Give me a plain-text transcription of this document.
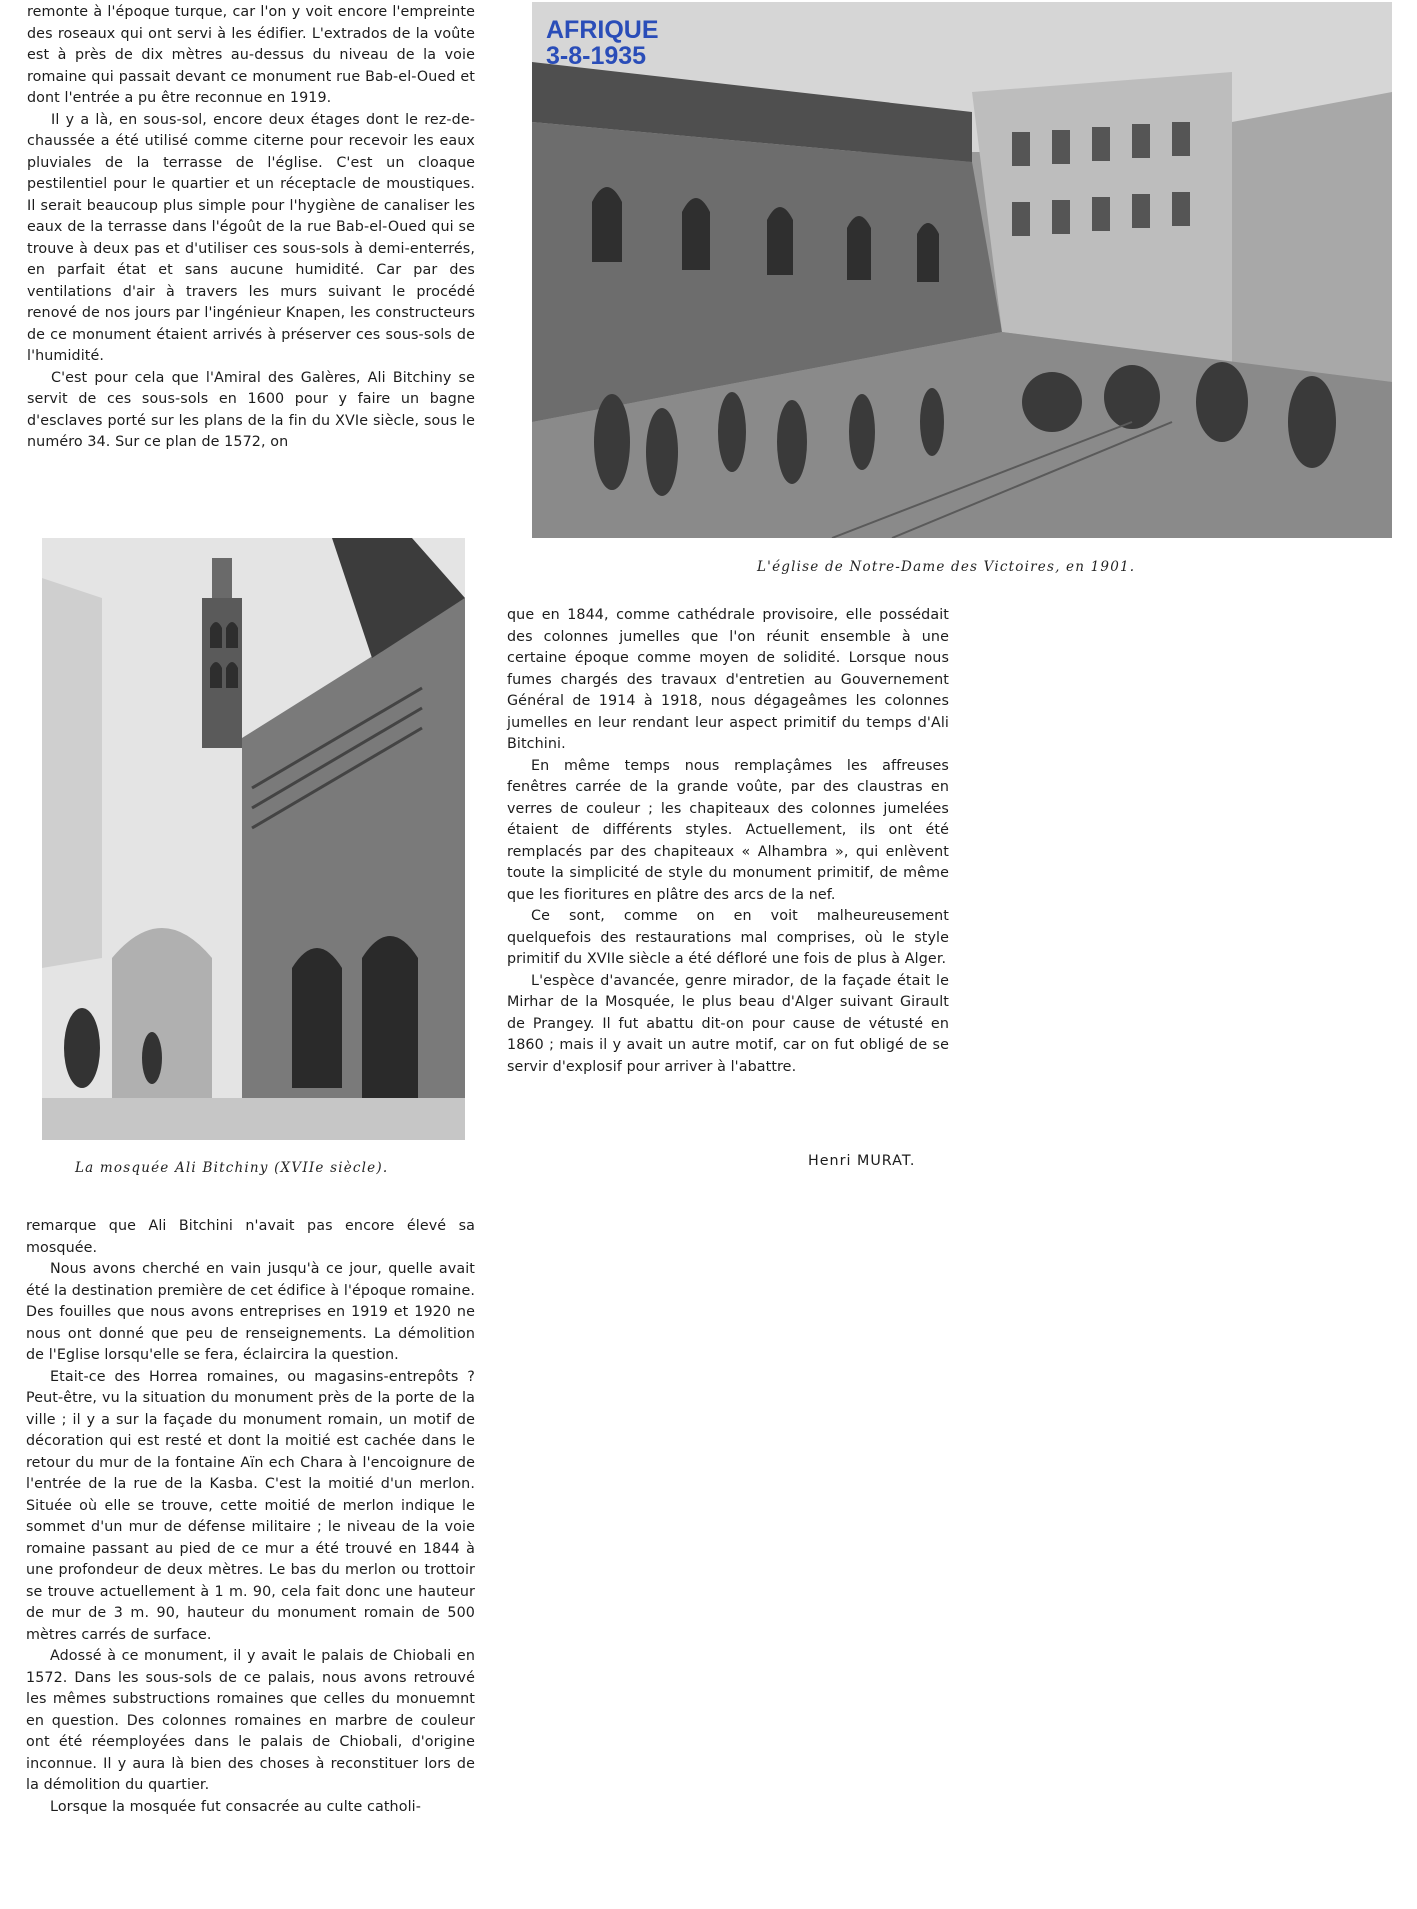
remonte à l'époque turque, car l'on y voit encore l'empreinte des roseaux qui ont servi à les édifier. L'extrados de la voûte est à près de dix mètres au-dessus du niveau de la voie romaine qui passait devant ce monument rue Bab-el-Oued et dont l'entrée a pu être reconnue en 1919.

Il y a là, en sous-sol, encore deux étages dont le rez-de-chaussée a été utilisé comme citerne pour recevoir les eaux pluviales de la terrasse de l'église. C'est un cloaque pestilentiel pour le quartier et un réceptacle de moustiques. Il serait beaucoup plus simple pour l'hygiène de canaliser les eaux de la terrasse dans l'égoût de la rue Bab-el-Oued qui se trouve à deux pas et d'utiliser ces sous-sols à demi-enterrés, en parfait état et sans aucune humidité. Car par des ventilations d'air à travers les murs suivant le procédé renové de nos jours par l'ingénieur Knapen, les constructeurs de ce monument étaient arrivés à préserver ces sous-sols de l'humidité.

C'est pour cela que l'Amiral des Galères, Ali Bitchiny se servit de ces sous-sols en 1600 pour y faire un bagne d'esclaves porté sur les plans de la fin du XVIe siècle, sous le numéro 34. Sur ce plan de 1572, on

AFRIQUE
3-8-1935
L'église de Notre-Dame des Victoires, en 1901.
La mosquée Ali Bitchiny (XVIIe siècle).

que en 1844, comme cathédrale provisoire, elle possédait des colonnes jumelles que l'on réunit ensemble à une certaine époque comme moyen de solidité. Lorsque nous fumes chargés des travaux d'entretien au Gouvernement Général de 1914 à 1918, nous dégageâmes les colonnes jumelles en leur rendant leur aspect primitif du temps d'Ali Bitchini.

En même temps nous remplaçâmes les affreuses fenêtres carrée de la grande voûte, par des claustras en verres de couleur ; les chapiteaux des colonnes jumelées étaient de différents styles. Actuellement, ils ont été remplacés par des chapiteaux « Alhambra », qui enlèvent toute la simplicité de style du monument primitif, de même que les fioritures en plâtre des arcs de la nef.

Ce sont, comme on en voit malheureusement quelquefois des restaurations mal comprises, où le style primitif du XVIIe siècle a été défloré une fois de plus à Alger.

L'espèce d'avancée, genre mirador, de la façade était le Mirhar de la Mosquée, le plus beau d'Alger suivant Girault de Prangey. Il fut abattu dit-on pour cause de vétusté en 1860 ; mais il y avait un autre motif, car on fut obligé de se servir d'explosif pour arriver à l'abattre.

Henri MURAT.

remarque que Ali Bitchini n'avait pas encore élevé sa mosquée.

Nous avons cherché en vain jusqu'à ce jour, quelle avait été la destination première de cet édifice à l'époque romaine. Des fouilles que nous avons entreprises en 1919 et 1920 ne nous ont donné que peu de renseignements. La démolition de l'Eglise lorsqu'elle se fera, éclaircira la question.

Etait-ce des Horrea romaines, ou magasins-entrepôts ? Peut-être, vu la situation du monument près de la porte de la ville ; il y a sur la façade du monument romain, un motif de décoration qui est resté et dont la moitié est cachée dans le retour du mur de la fontaine Aïn ech Chara à l'encoignure de l'entrée de la rue de la Kasba. C'est la moitié d'un merlon. Située où elle se trouve, cette moitié de merlon indique le sommet d'un mur de défense militaire ; le niveau de la voie romaine passant au pied de ce mur a été trouvé en 1844 à une profondeur de deux mètres. Le bas du merlon ou trottoir se trouve actuellement à 1 m. 90, cela fait donc une hauteur de mur de 3 m. 90, hauteur du monument romain de 500 mètres carrés de surface.

Adossé à ce monument, il y avait le palais de Chiobali en 1572. Dans les sous-sols de ce palais, nous avons retrouvé les mêmes substructions romaines que celles du monuemnt en question. Des colonnes romaines en marbre de couleur ont été réemployées dans le palais de Chiobali, d'origine inconnue. Il y aura là bien des choses à reconstituer lors de la démolition du quartier.

Lorsque la mosquée fut consacrée au culte catholi-
